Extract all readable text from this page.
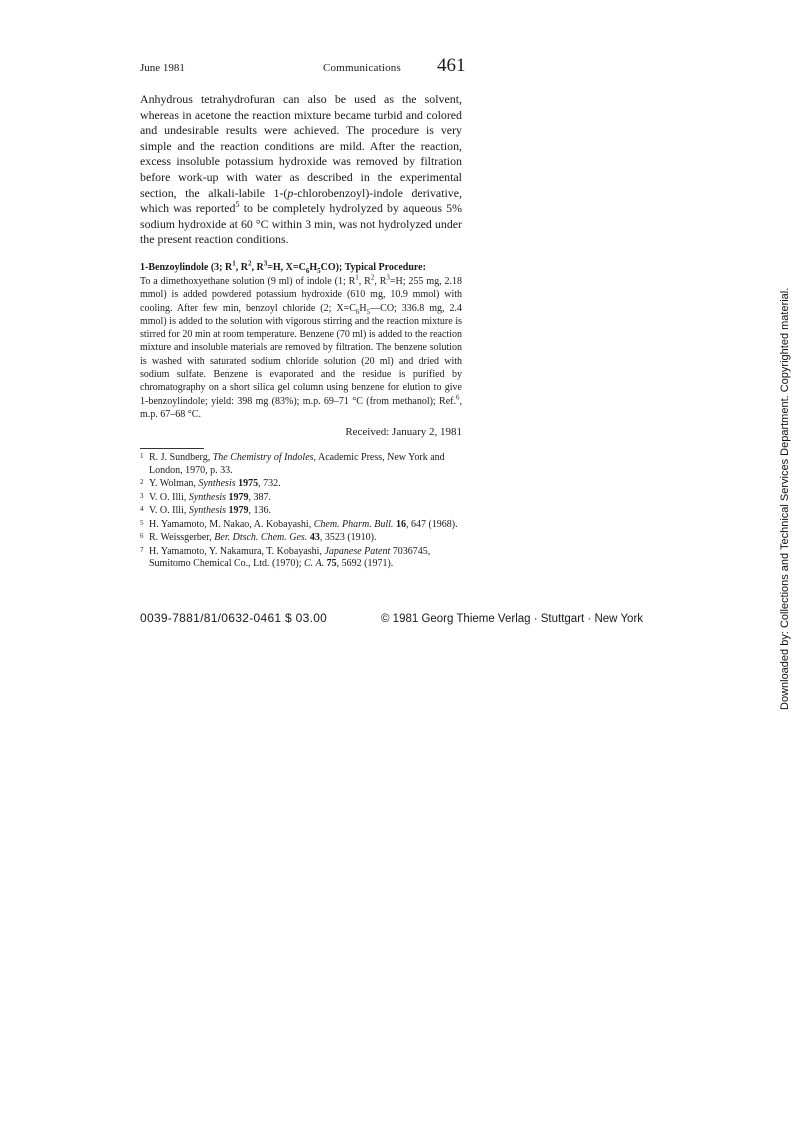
June 1981	Communications 461

Anhydrous tetrahydrofuran can also be used as the solvent, whereas in acetone the reaction mixture became turbid and colored and undesirable results were achieved. The procedure is very simple and the reaction conditions are mild. After the reaction, excess insoluble potassium hydroxide was removed by filtration before work-up with water as described in the experimental section, the alkali-labile 1-(p-chlorobenzoyl)-indole derivative, which was reported$^5$ to be completely hydrolyzed by aqueous 5% sodium hydroxide at 60 °C within 3 min, was not hydrolyzed under the present reaction conditions.

1-Benzoylindole (3; $R^1$, $R^2$, $R^3=H$, $X=C_6H_5CO$); Typical Procedure:

To a dimethoxyethane solution (9 ml) of indole (1; $R^1$, $R^2$, $R^3=H$; 255 mg, 2.18 mmol) is added powdered potassium hydroxide (610 mg, 10.9 mmol) with cooling. After few min, benzoyl chloride (2; $X=C_6H_5—CO$; 336.8 mg, 2.4 mmol) is added to the solution with vigorous stirring and the reaction mixture is stirred for 20 min at room temperature. Benzene (70 ml) is added to the reaction mixture and insoluble materials are removed by filtration. The benzene solution is washed with saturated sodium chloride solution (20 ml) and dried with sodium sulfate. Benzene is evaporated and the residue is purified by chromatography on a short silica gel column using benzene for elution to give 1-benzoylindole; yield: 398 mg (83%); m.p. 69–71 °C (from methanol); Ref.$^6$, m.p. 67–68 °C.

Received: January 2, 1981

1 R. J. Sundberg, The Chemistry of Indoles, Academic Press, New York and London, 1970, p. 33.
2 Y. Wolman, Synthesis 1975, 732.
3 V. O. Illi, Synthesis 1979, 387.
4 V. O. Illi, Synthesis 1979, 136.
5 H. Yamamoto, M. Nakao, A. Kobayashi, Chem. Pharm. Bull. 16, 647 (1968).
6 R. Weissgerber, Ber. Dtsch. Chem. Ges. 43, 3523 (1910).
7 H. Yamamoto, Y. Nakamura, T. Kobayashi, Japanese Patent 7036745, Sumitomo Chemical Co., Ltd. (1970); C. A. 75, 5692 (1971).
0039-7881/81/0632-0461 $ 03.00	© 1981 Georg Thieme Verlag · Stuttgart · New York	Downloaded by: Collections and Technical Services Department. Copyrighted material.
